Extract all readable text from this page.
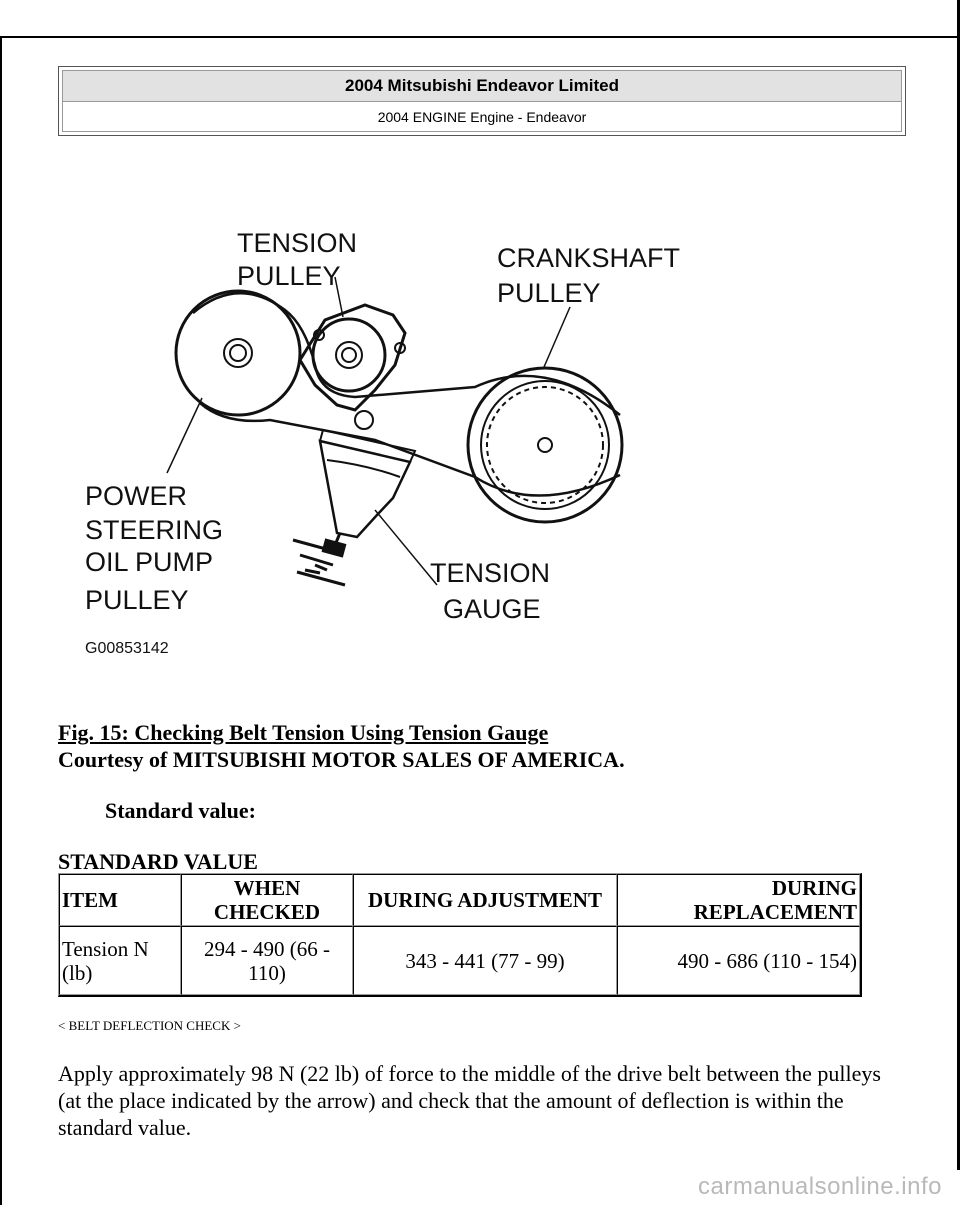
2004 Mitsubishi Endeavor Limited
2004 ENGINE Engine - Endeavor
TENSION
PULLEY
CRANKSHAFT
PULLEY
POWER
STEERING
OIL PUMP
PULLEY
TENSION
GAUGE
G00853142
Fig. 15: Checking Belt Tension Using Tension Gauge
Courtesy of MITSUBISHI MOTOR SALES OF AMERICA.
Standard value:
STANDARD VALUE
ITEM	WHEN CHECKED	DURING ADJUSTMENT	DURING REPLACEMENT
Tension N (lb)	294 - 490 (66 - 110)	343 - 441 (77 - 99)	490 - 686 (110 - 154)
< BELT DEFLECTION CHECK >
Apply approximately 98 N (22 lb) of force to the middle of the drive belt between the pulleys (at the place indicated by the arrow) and check that the amount of deflection is within the standard value.
carmanualsonline.info
